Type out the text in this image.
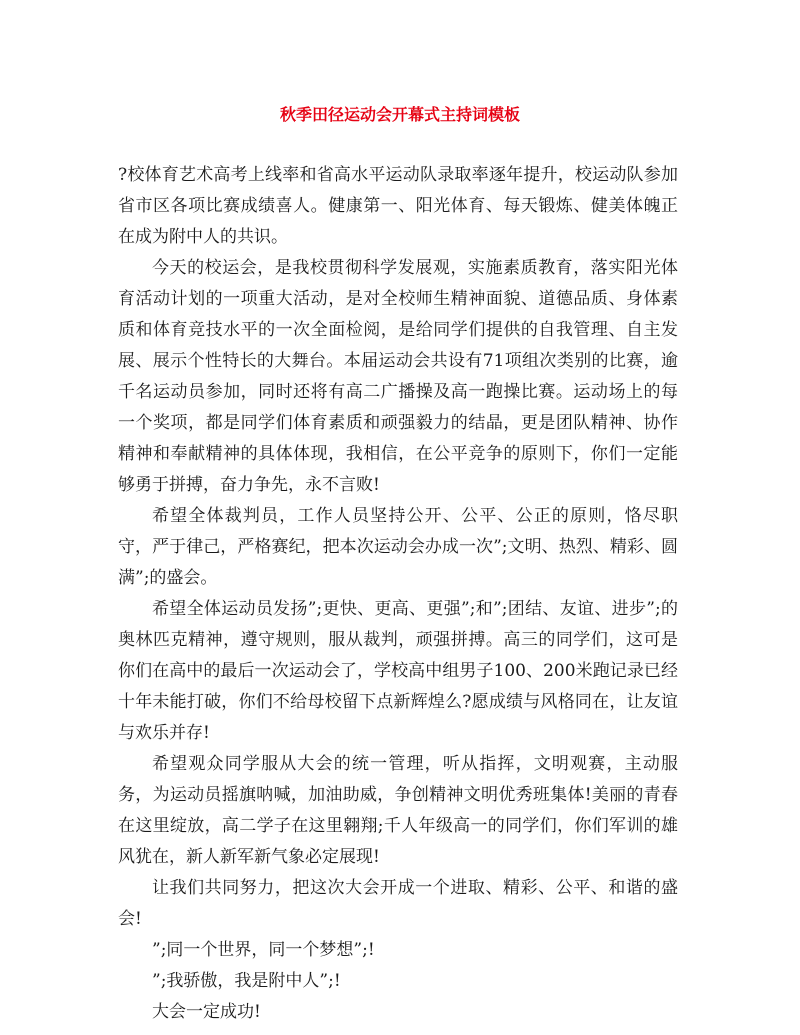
秋季田径运动会开幕式主持词模板

?校体育艺术高考上线率和省高水平运动队录取率逐年提升，校运动队参加省市区各项比赛成绩喜人。健康第一、阳光体育、每天锻炼、健美体魄正在成为附中人的共识。

今天的校运会，是我校贯彻科学发展观，实施素质教育，落实阳光体育活动计划的一项重大活动，是对全校师生精神面貌、道德品质、身体素质和体育竞技水平的一次全面检阅，是给同学们提供的自我管理、自主发展、展示个性特长的大舞台。本届运动会共设有71项组次类别的比赛，逾千名运动员参加，同时还将有高二广播操及高一跑操比赛。运动场上的每一个奖项，都是同学们体育素质和顽强毅力的结晶，更是团队精神、协作精神和奉献精神的具体体现，我相信，在公平竞争的原则下，你们一定能够勇于拼搏，奋力争先，永不言败!

希望全体裁判员，工作人员坚持公开、公平、公正的原则，恪尽职守，严于律己，严格赛纪，把本次运动会办成一次”;文明、热烈、精彩、圆满”;的盛会。

希望全体运动员发扬”;更快、更高、更强”;和”;团结、友谊、进步”;的奥林匹克精神，遵守规则，服从裁判，顽强拼搏。高三的同学们，这可是你们在高中的最后一次运动会了，学校高中组男子100、200米跑记录已经十年未能打破，你们不给母校留下点新辉煌么?愿成绩与风格同在，让友谊与欢乐并存!

希望观众同学服从大会的统一管理，听从指挥，文明观赛，主动服务，为运动员摇旗呐喊，加油助威，争创精神文明优秀班集体!美丽的青春在这里绽放，高二学子在这里翱翔;千人年级高一的同学们，你们军训的雄风犹在，新人新军新气象必定展现!

让我们共同努力，把这次大会开成一个进取、精彩、公平、和谐的盛会!

”;同一个世界，同一个梦想”;!

”;我骄傲，我是附中人”;!

大会一定成功!
